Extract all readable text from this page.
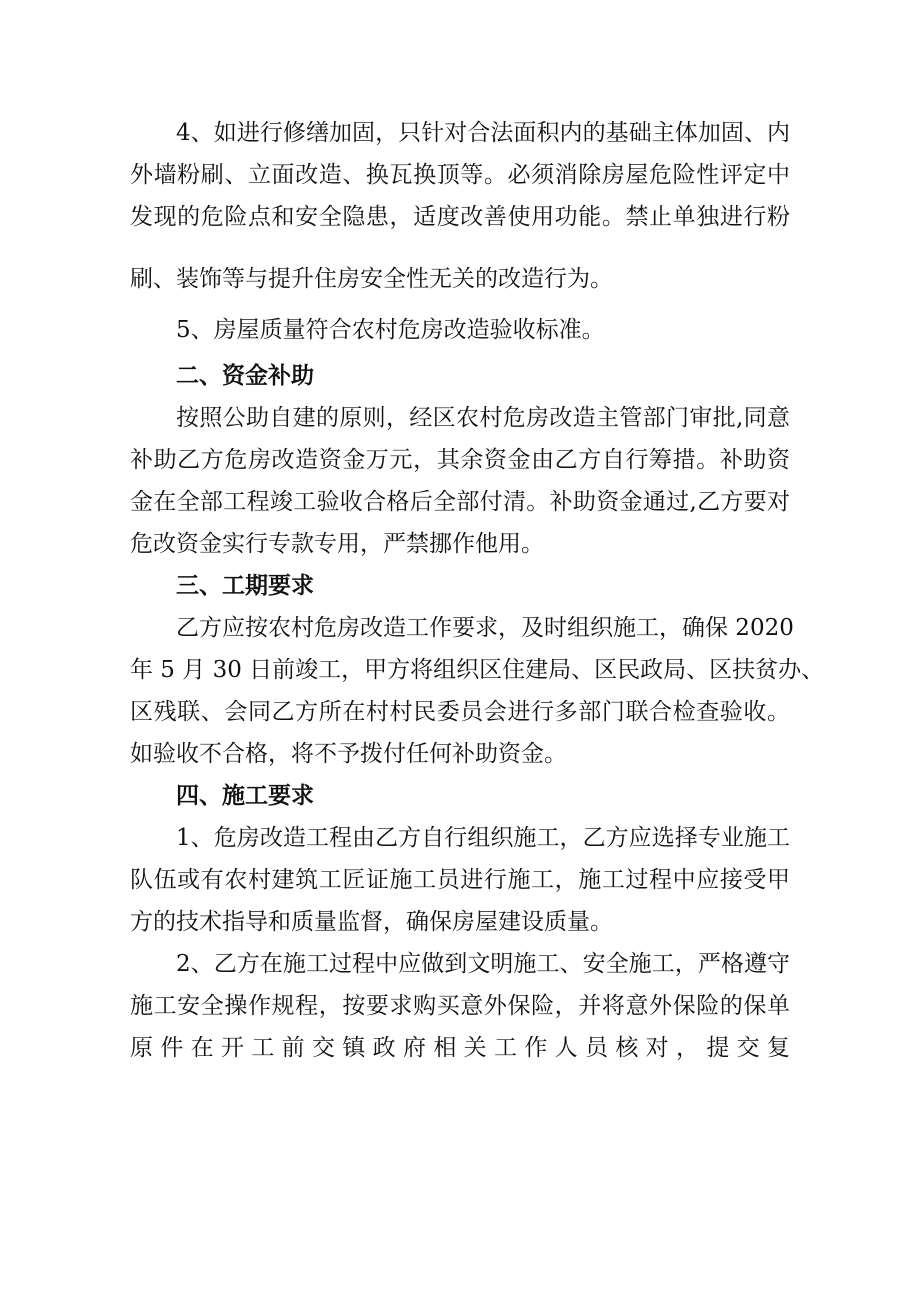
4、如进行修缮加固，只针对合法面积内的基础主体加固、内
外墙粉刷、立面改造、换瓦换顶等。必须消除房屋危险性评定中
发现的危险点和安全隐患，适度改善使用功能。禁止单独进行粉
刷、装饰等与提升住房安全性无关的改造行为。
5、房屋质量符合农村危房改造验收标准。
二、资金补助
按照公助自建的原则，经区农村危房改造主管部门审批,同意
补助乙方危房改造资金万元，其余资金由乙方自行筹措。补助资
金在全部工程竣工验收合格后全部付清。补助资金通过,乙方要对
危改资金实行专款专用，严禁挪作他用。
三、工期要求
乙方应按农村危房改造工作要求，及时组织施工，确保 2020
年 5 月 30 日前竣工，甲方将组织区住建局、区民政局、区扶贫办、
区残联、会同乙方所在村村民委员会进行多部门联合检查验收。
如验收不合格，将不予拨付任何补助资金。
四、施工要求
1、危房改造工程由乙方自行组织施工，乙方应选择专业施工
队伍或有农村建筑工匠证施工员进行施工，施工过程中应接受甲
方的技术指导和质量监督，确保房屋建设质量。
2、乙方在施工过程中应做到文明施工、安全施工，严格遵守
施工安全操作规程，按要求购买意外保险，并将意外保险的保单
原件在开工前交镇政府相关工作人员核对，提交复
